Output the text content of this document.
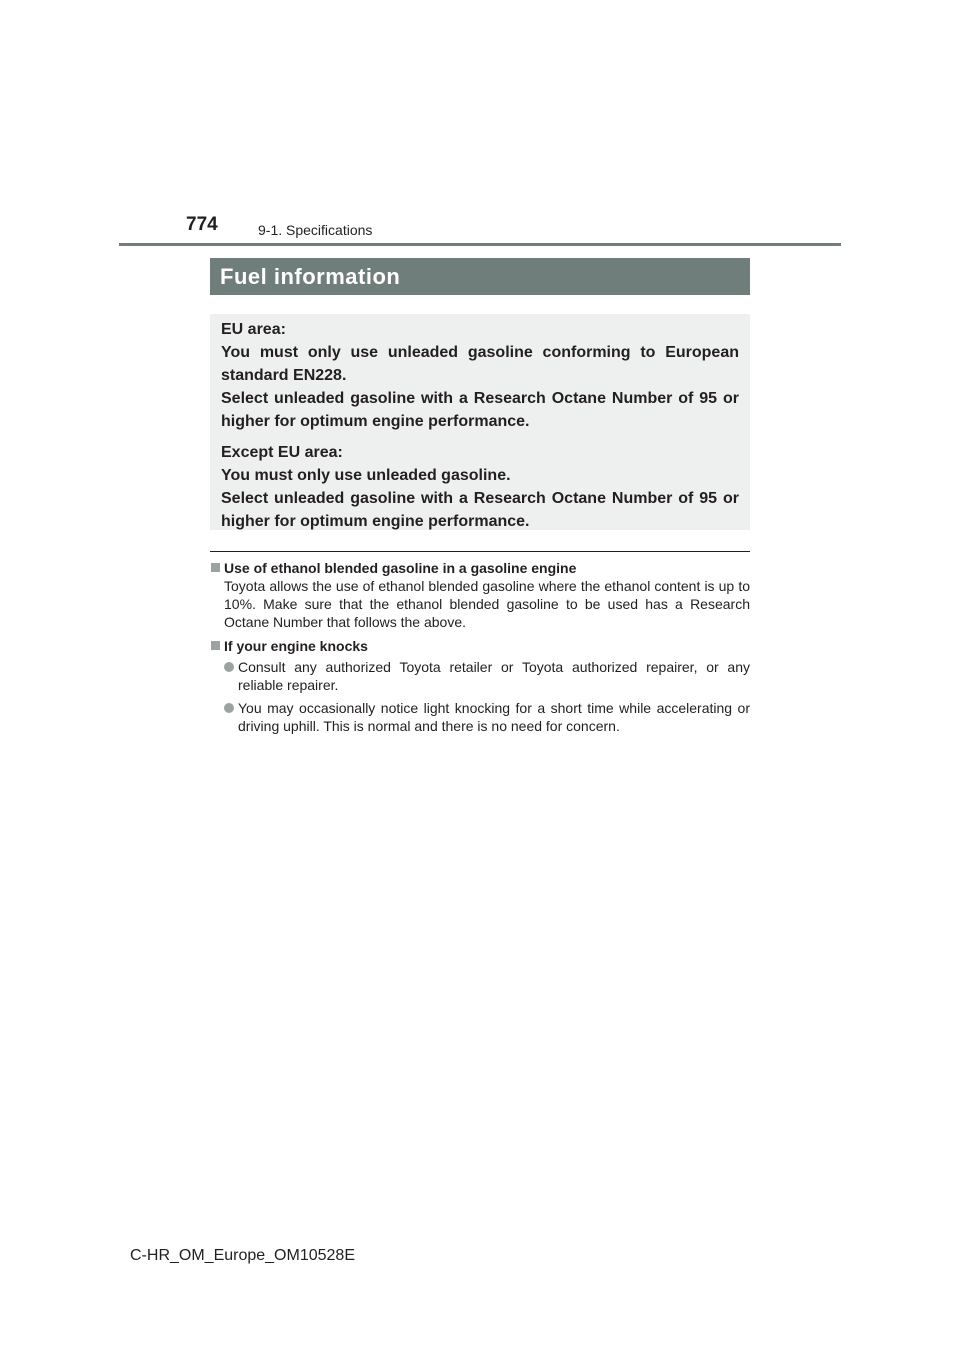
774	9-1. Specifications
Fuel information

EU area:

You must only use unleaded gasoline conforming to European standard EN228.

Select unleaded gasoline with a Research Octane Number of 95 or higher for optimum engine performance.

Except EU area:

You must only use unleaded gasoline.

Select unleaded gasoline with a Research Octane Number of 95 or higher for optimum engine performance.

Use of ethanol blended gasoline in a gasoline engine

Toyota allows the use of ethanol blended gasoline where the ethanol content is up to 10%. Make sure that the ethanol blended gasoline to be used has a Research Octane Number that follows the above.

If your engine knocks
Consult any authorized Toyota retailer or Toyota authorized repairer, or any reliable repairer.
You may occasionally notice light knocking for a short time while accelerating or driving uphill. This is normal and there is no need for concern.
C-HR_OM_Europe_OM10528E
